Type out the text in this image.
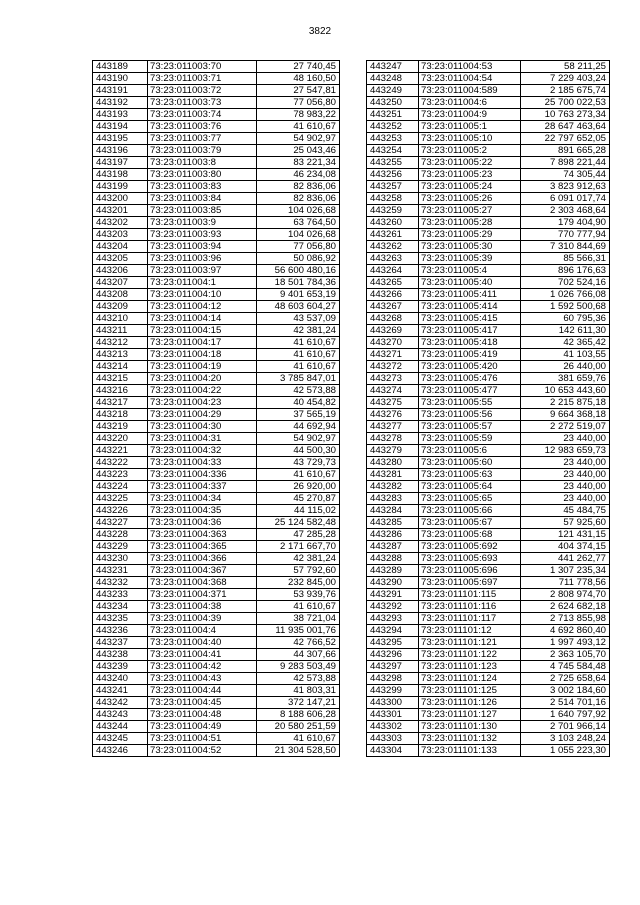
3822
443189	73:23:011003:70	27 740,45
443190	73:23:011003:71	48 160,50
443191	73:23:011003:72	27 547,81
443192	73:23:011003:73	77 056,80
443193	73:23:011003:74	78 983,22
443194	73:23:011003:76	41 610,67
443195	73:23:011003:77	54 902,97
443196	73:23:011003:79	25 043,46
443197	73:23:011003:8	83 221,34
443198	73:23:011003:80	46 234,08
443199	73:23:011003:83	82 836,06
443200	73:23:011003:84	82 836,06
443201	73:23:011003:85	104 026,68
443202	73:23:011003:9	63 764,50
443203	73:23:011003:93	104 026,68
443204	73:23:011003:94	77 056,80
443205	73:23:011003:96	50 086,92
443206	73:23:011003:97	56 600 480,16
443207	73:23:011004:1	18 501 784,36
443208	73:23:011004:10	9 401 653,19
443209	73:23:011004:12	48 603 604,27
443210	73:23:011004:14	43 537,09
443211	73:23:011004:15	42 381,24
443212	73:23:011004:17	41 610,67
443213	73:23:011004:18	41 610,67
443214	73:23:011004:19	41 610,67
443215	73:23:011004:20	3 785 847,01
443216	73:23:011004:22	42 573,88
443217	73:23:011004:23	40 454,82
443218	73:23:011004:29	37 565,19
443219	73:23:011004:30	44 692,94
443220	73:23:011004:31	54 902,97
443221	73:23:011004:32	44 500,30
443222	73:23:011004:33	43 729,73
443223	73:23:011004:336	41 610,67
443224	73:23:011004:337	26 920,00
443225	73:23:011004:34	45 270,87
443226	73:23:011004:35	44 115,02
443227	73:23:011004:36	25 124 582,48
443228	73:23:011004:363	47 285,28
443229	73:23:011004:365	2 171 667,70
443230	73:23:011004:366	42 381,24
443231	73:23:011004:367	57 792,60
443232	73:23:011004:368	232 845,00
443233	73:23:011004:371	53 939,76
443234	73:23:011004:38	41 610,67
443235	73:23:011004:39	38 721,04
443236	73:23:011004:4	11 935 001,76
443237	73:23:011004:40	42 766,52
443238	73:23:011004:41	44 307,66
443239	73:23:011004:42	9 283 503,49
443240	73:23:011004:43	42 573,88
443241	73:23:011004:44	41 803,31
443242	73:23:011004:45	372 147,21
443243	73:23:011004:48	8 188 606,28
443244	73:23:011004:49	20 580 251,59
443245	73:23:011004:51	41 610,67
443246	73:23:011004:52	21 304 528,50
443247	73:23:011004:53	58 211,25
443248	73:23:011004:54	7 229 403,24
443249	73:23:011004:589	2 185 675,74
443250	73:23:011004:6	25 700 022,53
443251	73:23:011004:9	10 763 273,34
443252	73:23:011005:1	28 647 463,64
443253	73:23:011005:10	22 797 652,05
443254	73:23:011005:2	891 665,28
443255	73:23:011005:22	7 898 221,44
443256	73:23:011005:23	74 305,44
443257	73:23:011005:24	3 823 912,63
443258	73:23:011005:26	6 091 017,74
443259	73:23:011005:27	2 303 468,64
443260	73:23:011005:28	179 404,90
443261	73:23:011005:29	770 777,94
443262	73:23:011005:30	7 310 844,69
443263	73:23:011005:39	85 566,31
443264	73:23:011005:4	896 176,63
443265	73:23:011005:40	702 524,16
443266	73:23:011005:411	1 026 766,08
443267	73:23:011005:414	1 592 500,68
443268	73:23:011005:415	60 795,36
443269	73:23:011005:417	142 611,30
443270	73:23:011005:418	42 365,42
443271	73:23:011005:419	41 103,55
443272	73:23:011005:420	26 440,00
443273	73:23:011005:476	381 659,76
443274	73:23:011005:477	10 653 443,60
443275	73:23:011005:55	2 215 875,18
443276	73:23:011005:56	9 664 368,18
443277	73:23:011005:57	2 272 519,07
443278	73:23:011005:59	23 440,00
443279	73:23:011005:6	12 983 659,73
443280	73:23:011005:60	23 440,00
443281	73:23:011005:63	23 440,00
443282	73:23:011005:64	23 440,00
443283	73:23:011005:65	23 440,00
443284	73:23:011005:66	45 484,75
443285	73:23:011005:67	57 925,60
443286	73:23:011005:68	121 431,15
443287	73:23:011005:692	404 374,15
443288	73:23:011005:693	441 262,77
443289	73:23:011005:696	1 307 235,34
443290	73:23:011005:697	711 778,56
443291	73:23:011101:115	2 808 974,70
443292	73:23:011101:116	2 624 682,18
443293	73:23:011101:117	2 713 855,98
443294	73:23:011101:12	4 692 860,40
443295	73:23:011101:121	1 997 493,12
443296	73:23:011101:122	2 363 105,70
443297	73:23:011101:123	4 745 584,48
443298	73:23:011101:124	2 725 658,64
443299	73:23:011101:125	3 002 184,60
443300	73:23:011101:126	2 514 701,16
443301	73:23:011101:127	1 640 797,92
443302	73:23:011101:130	2 701 966,14
443303	73:23:011101:132	3 103 248,24
443304	73:23:011101:133	1 055 223,30
